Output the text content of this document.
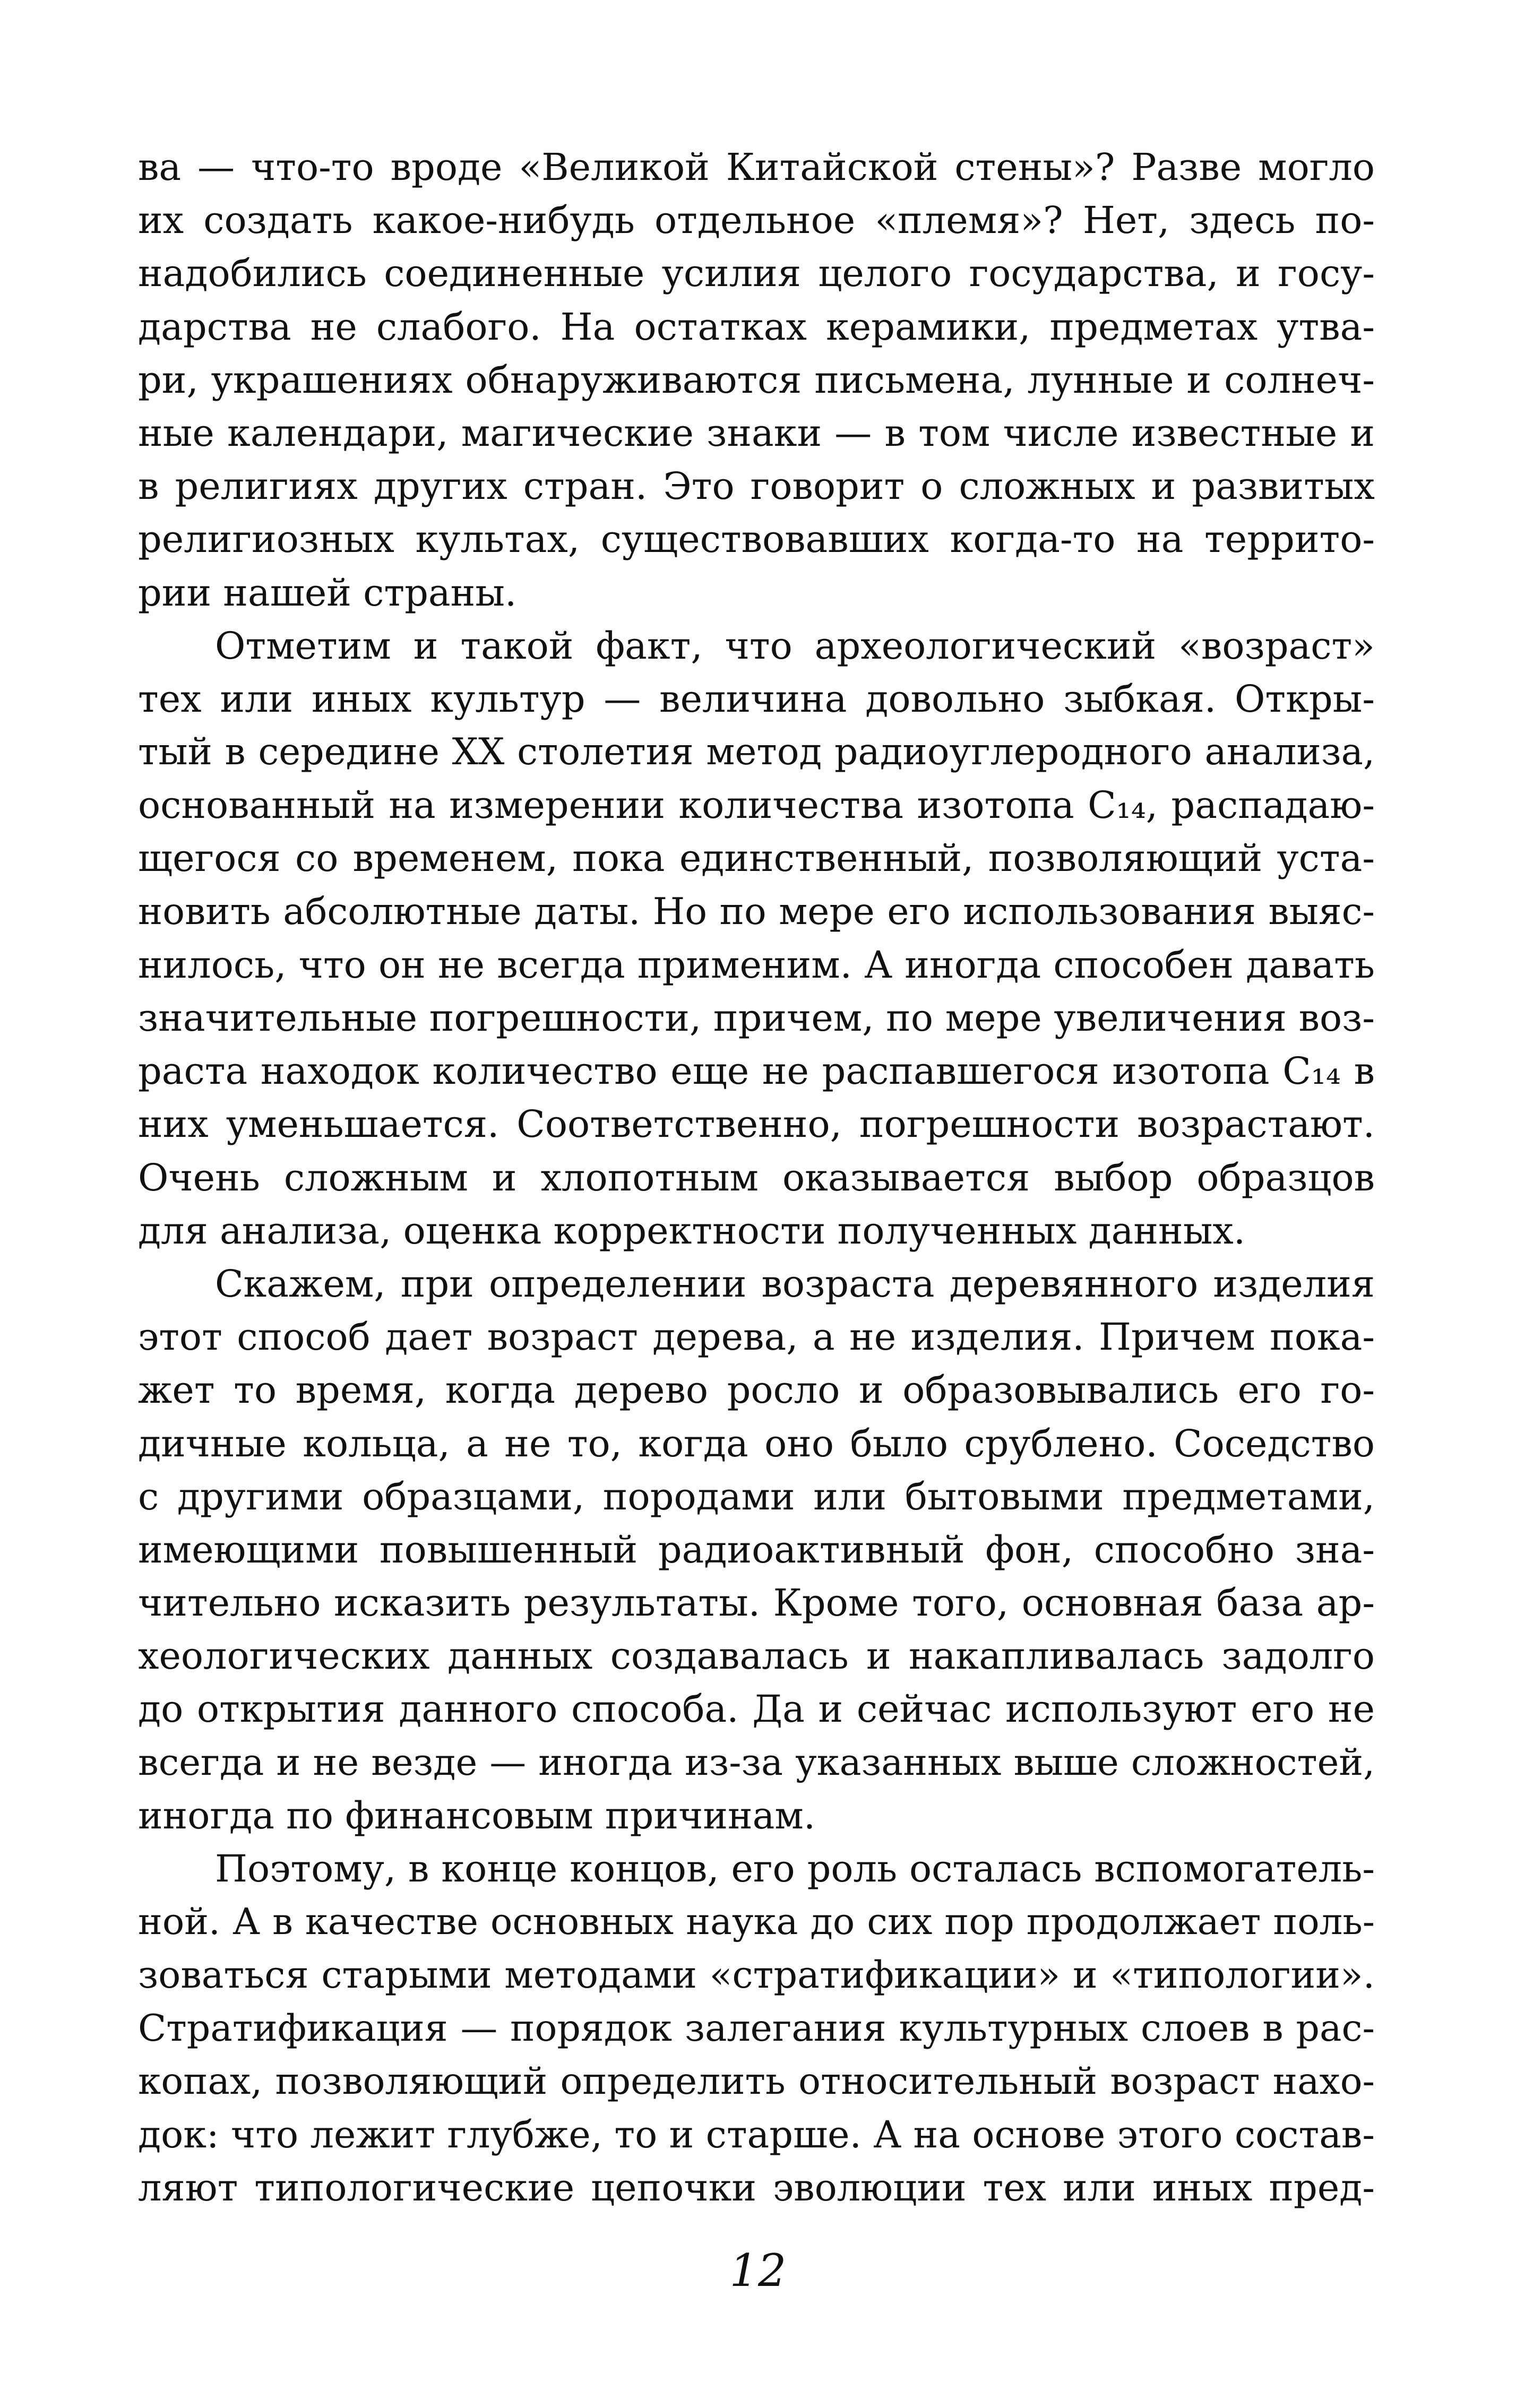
ва — что-то вроде «Великой Китайской стены»? Разве могло
их создать какое-нибудь отдельное «племя»? Нет, здесь по-
надобились соединенные усилия целого государства, и госу-
дарства не слабого. На остатках керамики, предметах утва-
ри, украшениях обнаруживаются письмена, лунные и солнеч-
ные календари, магические знаки — в том числе известные и
в религиях других стран. Это говорит о сложных и развитых
религиозных культах, существовавших когда-то на террито-
рии нашей страны.
Отметим и такой факт, что археологический «возраст»
тех или иных культур — величина довольно зыбкая. Откры-
тый в середине XX столетия метод радиоуглеродного анализа,
основанный на измерении количества изотопа C₁₄, распадаю-
щегося со временем, пока единственный, позволяющий уста-
новить абсолютные даты. Но по мере его использования выяс-
нилось, что он не всегда применим. А иногда способен давать
значительные погрешности, причем, по мере увеличения воз-
раста находок количество еще не распавшегося изотопа C₁₄ в
них уменьшается. Соответственно, погрешности возрастают.
Очень сложным и хлопотным оказывается выбор образцов
для анализа, оценка корректности полученных данных.
Скажем, при определении возраста деревянного изделия
этот способ дает возраст дерева, а не изделия. Причем пока-
жет то время, когда дерево росло и образовывались его го-
дичные кольца, а не то, когда оно было срублено. Соседство
с другими образцами, породами или бытовыми предметами,
имеющими повышенный радиоактивный фон, способно зна-
чительно исказить результаты. Кроме того, основная база ар-
хеологических данных создавалась и накапливалась задолго
до открытия данного способа. Да и сейчас используют его не
всегда и не везде — иногда из-за указанных выше сложностей,
иногда по финансовым причинам.
Поэтому, в конце концов, его роль осталась вспомогатель-
ной. А в качестве основных наука до сих пор продолжает поль-
зоваться старыми методами «стратификации» и «типологии».
Стратификация — порядок залегания культурных слоев в рас-
копах, позволяющий определить относительный возраст нахо-
док: что лежит глубже, то и старше. А на основе этого состав-
ляют типологические цепочки эволюции тех или иных пред-
12
